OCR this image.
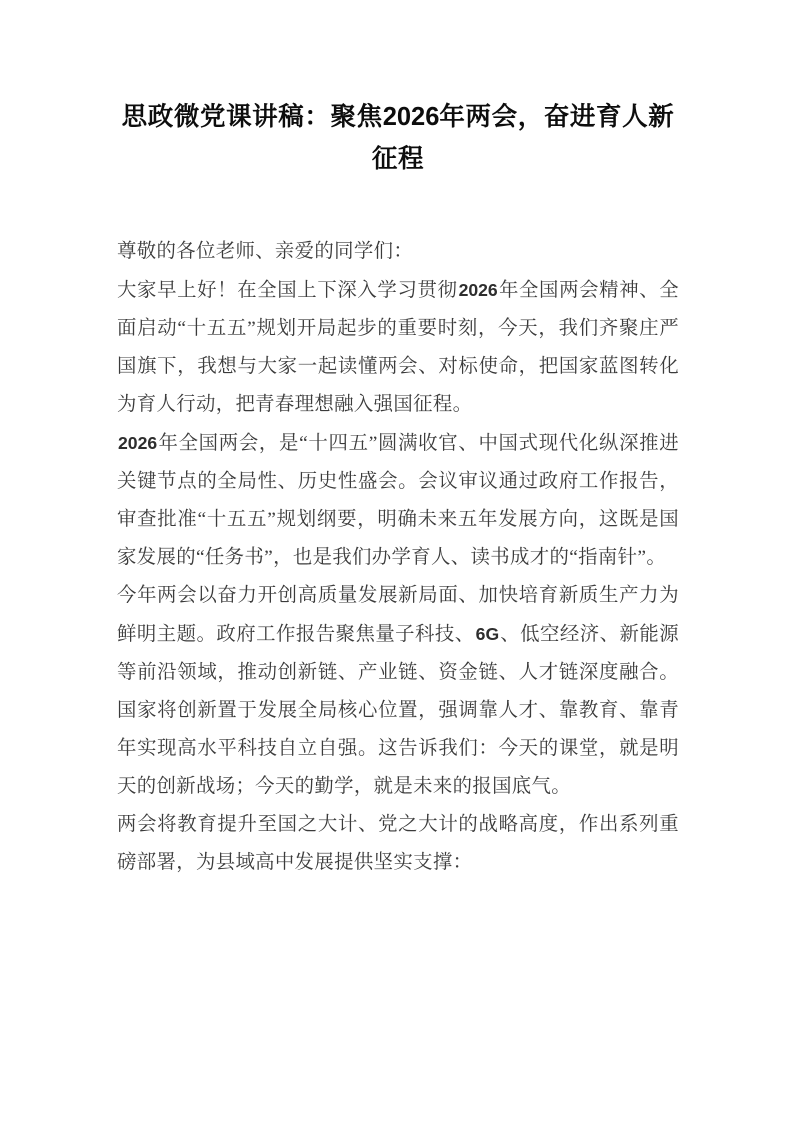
思政微党课讲稿：聚焦2026年两会，奋进育人新征程

尊敬的各位老师、亲爱的同学们：

大家早上好！在全国上下深入学习贯彻2026年全国两会精神、全面启动“十五五”规划开局起步的重要时刻，今天，我们齐聚庄严国旗下，我想与大家一起读懂两会、对标使命，把国家蓝图转化为育人行动，把青春理想融入强国征程。

2026年全国两会，是“十四五”圆满收官、中国式现代化纵深推进关键节点的全局性、历史性盛会。会议审议通过政府工作报告，审查批准“十五五”规划纲要，明确未来五年发展方向，这既是国家发展的“任务书”，也是我们办学育人、读书成才的“指南针”。

今年两会以奋力开创高质量发展新局面、加快培育新质生产力为鲜明主题。政府工作报告聚焦量子科技、6G、低空经济、新能源等前沿领域，推动创新链、产业链、资金链、人才链深度融合。国家将创新置于发展全局核心位置，强调靠人才、靠教育、靠青年实现高水平科技自立自强。这告诉我们：今天的课堂，就是明天的创新战场；今天的勤学，就是未来的报国底气。

两会将教育提升至国之大计、党之大计的战略高度，作出系列重磅部署，为县域高中发展提供坚实支撑：
